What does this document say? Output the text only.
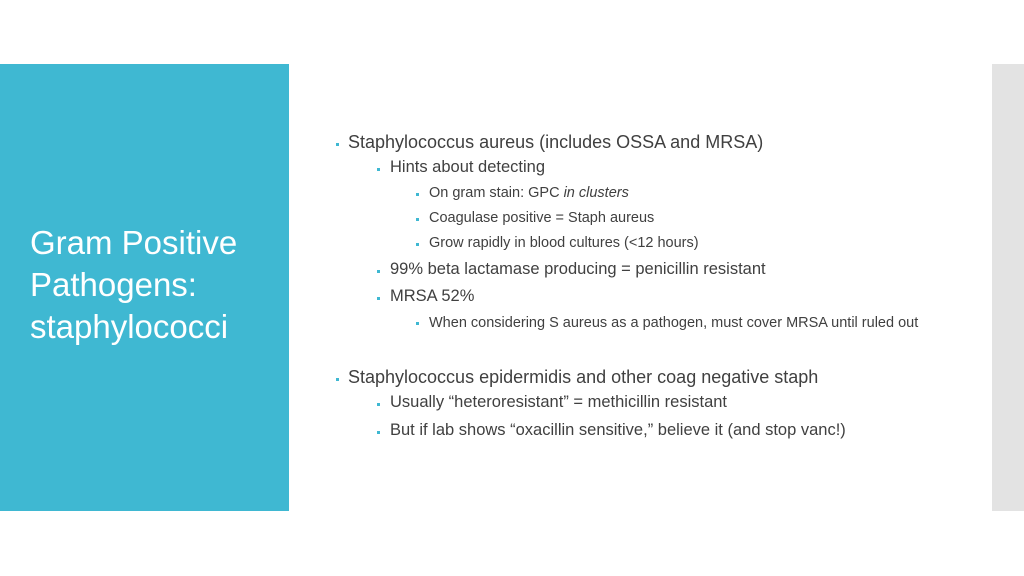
Gram Positive
Pathogens:
staphylococci
Staphylococcus aureus (includes OSSA and MRSA)
Hints about detecting
On gram stain: GPC in clusters
Coagulase positive = Staph aureus
Grow rapidly in blood cultures (<12 hours)
99% beta lactamase producing = penicillin resistant
MRSA 52%
When considering S aureus as a pathogen, must cover MRSA until ruled out
Staphylococcus epidermidis and other coag negative staph
Usually “heteroresistant” = methicillin resistant
But if lab shows “oxacillin sensitive,” believe it (and stop vanc!)
